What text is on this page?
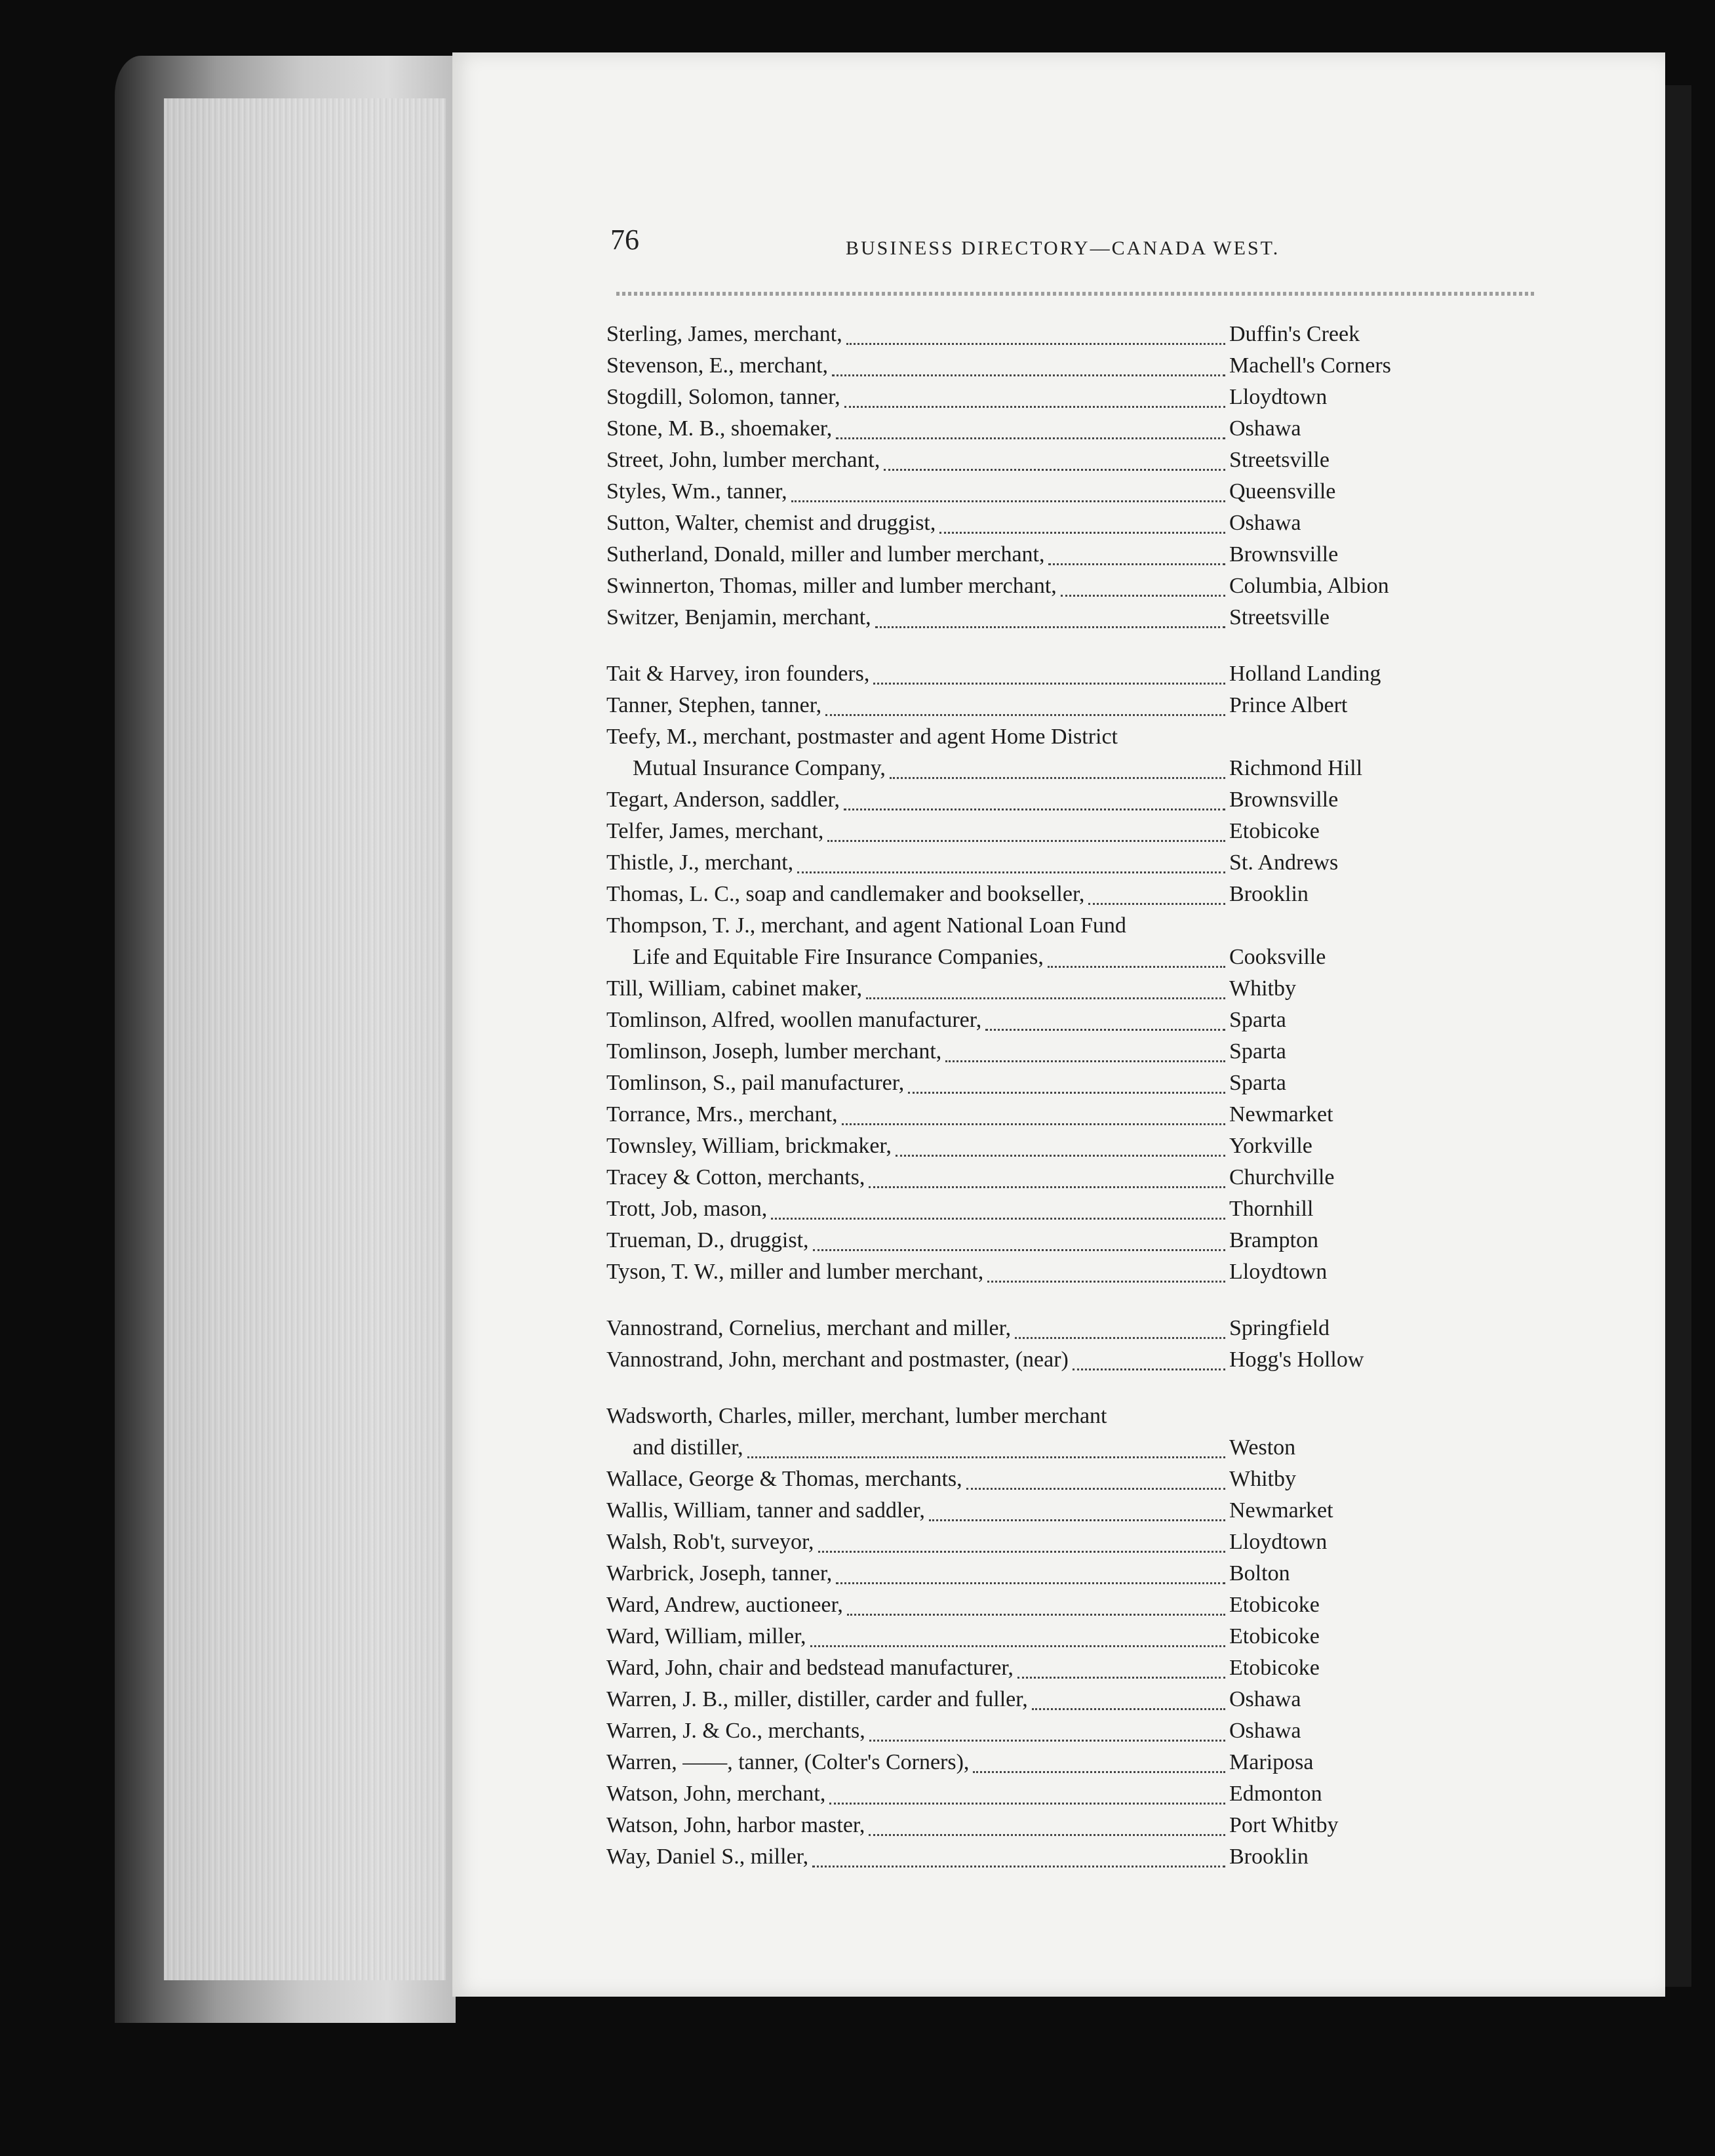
76	BUSINESS DIRECTORY—CANADA WEST.
Sterling, James, merchant,	Duffin's Creek
Stevenson, E., merchant,	Machell's Corners
Stogdill, Solomon, tanner,	Lloydtown
Stone, M. B., shoemaker,	Oshawa
Street, John, lumber merchant,	Streetsville
Styles, Wm., tanner,	Queensville
Sutton, Walter, chemist and druggist,	Oshawa
Sutherland, Donald, miller and lumber merchant,	Brownsville
Swinnerton, Thomas, miller and lumber merchant,	Columbia, Albion
Switzer, Benjamin, merchant,	Streetsville
Tait & Harvey, iron founders,	Holland Landing
Tanner, Stephen, tanner,	Prince Albert
Teefy, M., merchant, postmaster and agent Home District
Mutual Insurance Company,	Richmond Hill
Tegart, Anderson, saddler,	Brownsville
Telfer, James, merchant,	Etobicoke
Thistle, J., merchant,	St. Andrews
Thomas, L. C., soap and candlemaker and bookseller,	Brooklin
Thompson, T. J., merchant, and agent National Loan Fund
Life and Equitable Fire Insurance Companies,	Cooksville
Till, William, cabinet maker,	Whitby
Tomlinson, Alfred, woollen manufacturer,	Sparta
Tomlinson, Joseph, lumber merchant,	Sparta
Tomlinson, S., pail manufacturer,	Sparta
Torrance, Mrs., merchant,	Newmarket
Townsley, William, brickmaker,	Yorkville
Tracey & Cotton, merchants,	Churchville
Trott, Job, mason,	Thornhill
Trueman, D., druggist,	Brampton
Tyson, T. W., miller and lumber merchant,	Lloydtown
Vannostrand, Cornelius, merchant and miller,	Springfield
Vannostrand, John, merchant and postmaster, (near)	Hogg's Hollow
Wadsworth, Charles, miller, merchant, lumber merchant
and distiller,	Weston
Wallace, George & Thomas, merchants,	Whitby
Wallis, William, tanner and saddler,	Newmarket
Walsh, Rob't, surveyor,	Lloydtown
Warbrick, Joseph, tanner,	Bolton
Ward, Andrew, auctioneer,	Etobicoke
Ward, William, miller,	Etobicoke
Ward, John, chair and bedstead manufacturer,	Etobicoke
Warren, J. B., miller, distiller, carder and fuller,	Oshawa
Warren, J. & Co., merchants,	Oshawa
Warren, ——, tanner, (Colter's Corners),	Mariposa
Watson, John, merchant,	Edmonton
Watson, John, harbor master,	Port Whitby
Way, Daniel S., miller,	Brooklin
